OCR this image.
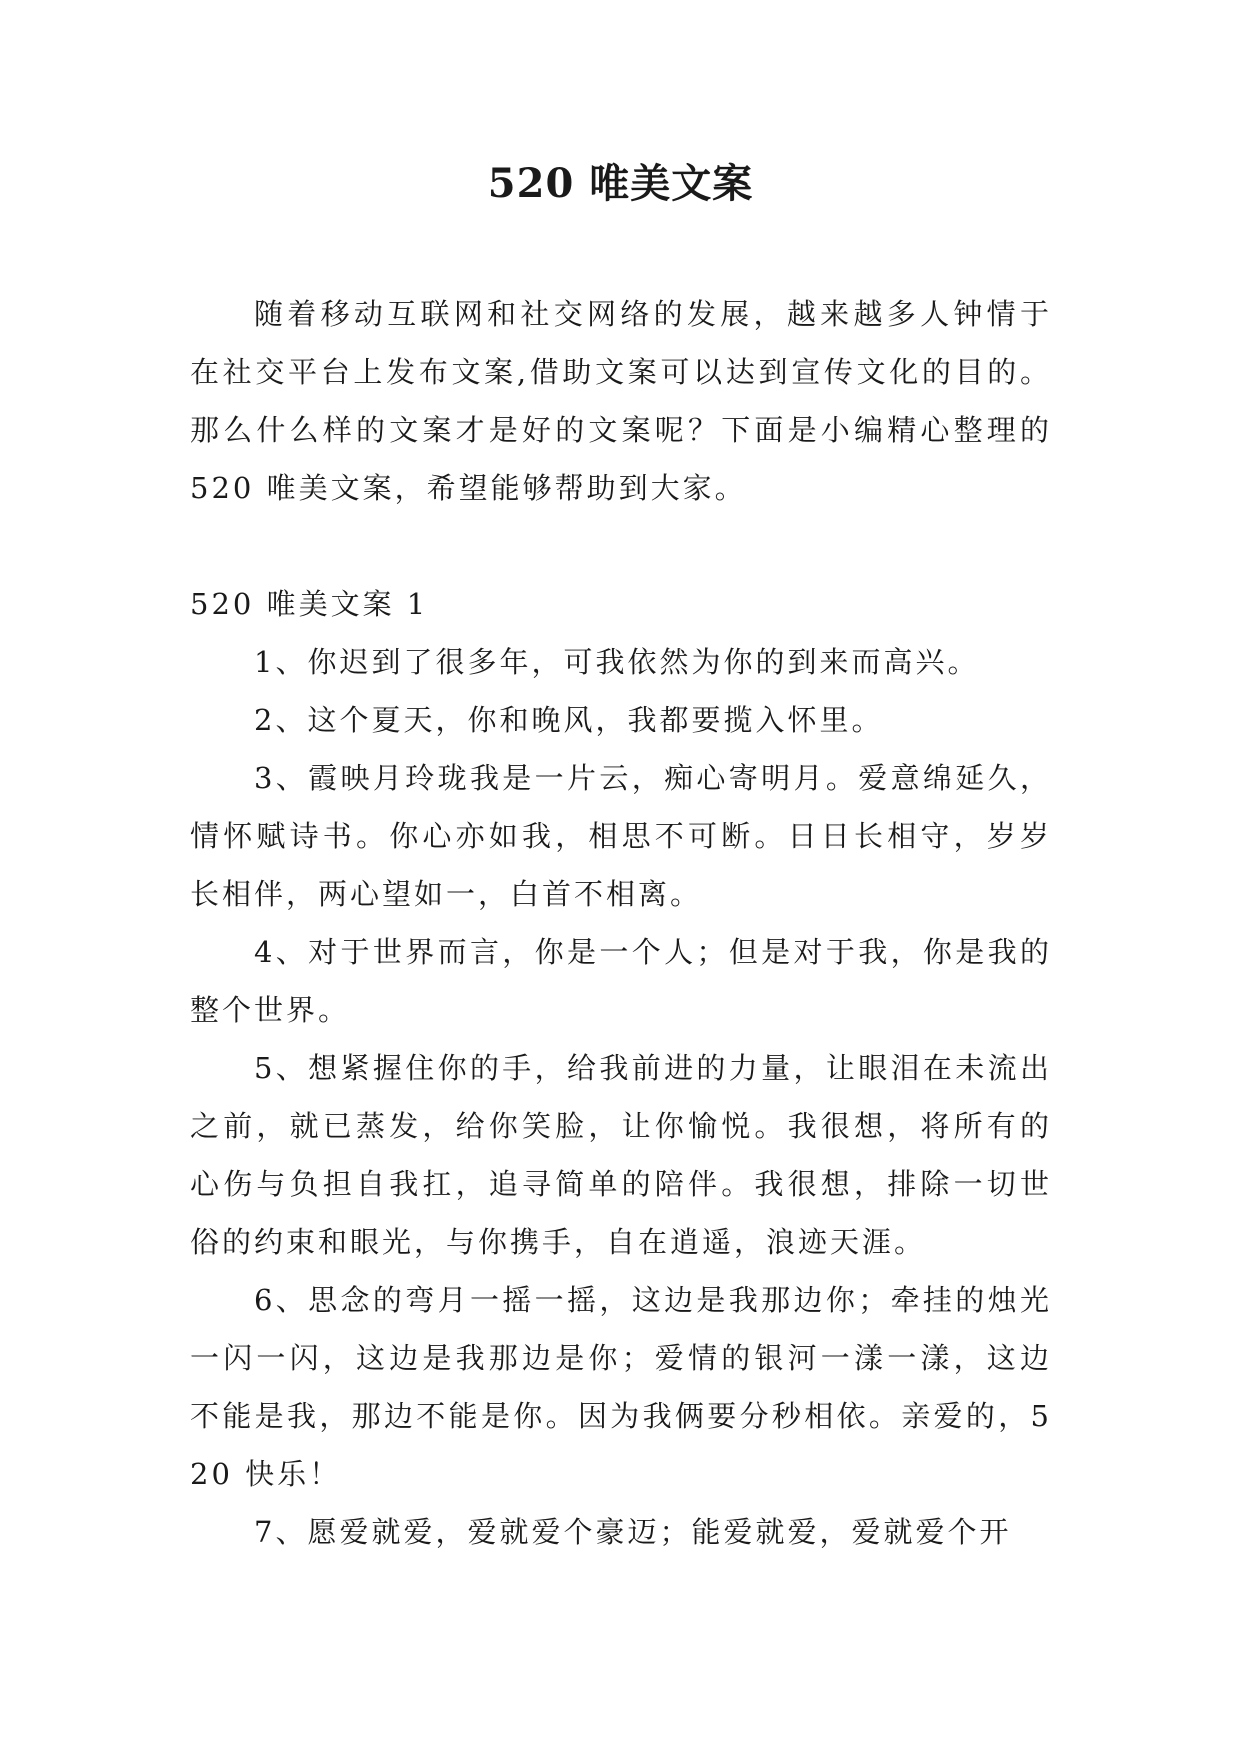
520 唯美文案

随着移动互联网和社交网络的发展，越来越多人钟情于在社交平台上发布文案,借助文案可以达到宣传文化的目的。那么什么样的文案才是好的文案呢？下面是小编精心整理的 520 唯美文案，希望能够帮助到大家。

520 唯美文案 1

1、你迟到了很多年，可我依然为你的到来而高兴。

2、这个夏天，你和晚风，我都要揽入怀里。

3、霞映月玲珑我是一片云，痴心寄明月。爱意绵延久，情怀赋诗书。你心亦如我，相思不可断。日日长相守，岁岁长相伴，两心望如一，白首不相离。

4、对于世界而言，你是一个人；但是对于我，你是我的整个世界。

5、想紧握住你的手，给我前进的力量，让眼泪在未流出之前，就已蒸发，给你笑脸，让你愉悦。我很想，将所有的心伤与负担自我扛，追寻简单的陪伴。我很想，排除一切世俗的约束和眼光，与你携手，自在逍遥，浪迹天涯。

6、思念的弯月一摇一摇，这边是我那边你；牵挂的烛光一闪一闪，这边是我那边是你；爱情的银河一漾一漾，这边不能是我，那边不能是你。因为我俩要分秒相依。亲爱的，520 快乐！

7、愿爱就爱，爱就爱个豪迈；能爱就爱，爱就爱个开
